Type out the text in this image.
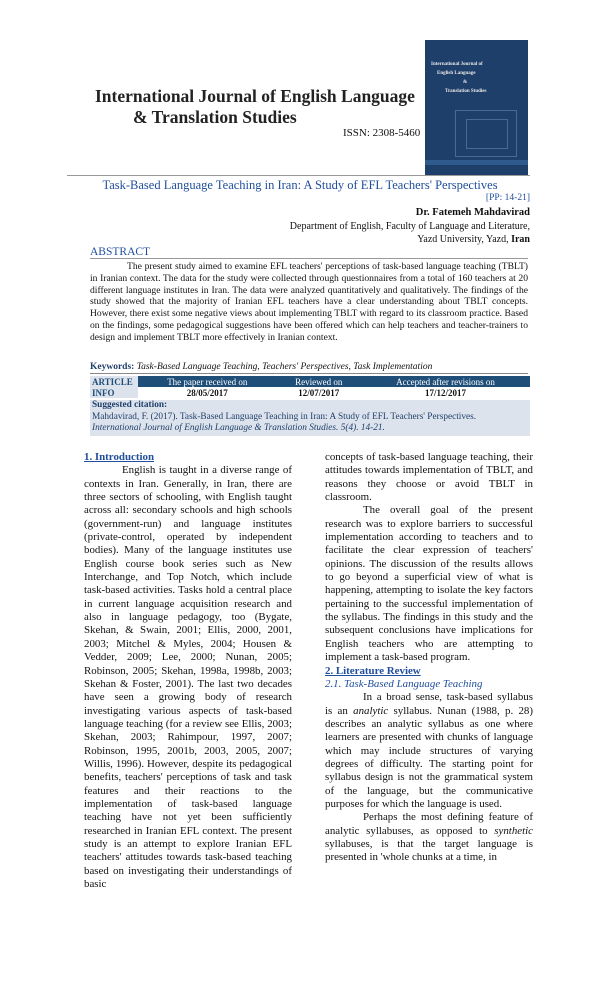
International Journal of English Language
& Translation Studies
ISSN: 2308-5460
International Journal of
English Language
&
Translation Studies
Task-Based Language Teaching in Iran: A Study of EFL Teachers' Perspectives
[PP: 14-21]
Dr. Fatemeh Mahdavirad
Department of English, Faculty of Language and Literature,
Yazd University, Yazd, Iran
ABSTRACT
The present study aimed to examine EFL teachers' perceptions of task-based language teaching (TBLT) in Iranian context. The data for the study were collected through questionnaires from a total of 160 teachers at 20 different language institutes in Iran. The data were analyzed quantitatively and qualitatively. The findings of the study showed that the majority of Iranian EFL teachers have a clear understanding about TBLT concepts. However, there exist some negative views about implementing TBLT with regard to its classroom practice. Based on the findings, some pedagogical suggestions have been offered which can help teachers and teacher-trainers to design and implement TBLT more effectively in Iranian context.
Keywords: Task-Based Language Teaching, Teachers' Perspectives, Task Implementation
ARTICLE	The paper received on	Reviewed on	Accepted after revisions on
INFO	28/05/2017	12/07/2017	17/12/2017
Suggested citation:
Mahdavirad, F. (2017). Task-Based Language Teaching in Iran: A Study of EFL Teachers' Perspectives.
International Journal of English Language & Translation Studies. 5(4). 14-21.

1. Introduction

English is taught in a diverse range of contexts in Iran. Generally, in Iran, there are three sectors of schooling, with English taught across all: secondary schools and high schools (government-run) and language institutes (private-control, operated by independent bodies). Many of the language institutes use English course book series such as New Interchange, and Top Notch, which include task-based activities. Tasks hold a central place in current language acquisition research and also in language pedagogy, too (Bygate, Skehan, & Swain, 2001; Ellis, 2000, 2001, 2003; Mitchel & Myles, 2004; Housen & Vedder, 2009; Lee, 2000; Nunan, 2005; Robinson, 2005; Skehan, 1998a, 1998b, 2003; Skehan & Foster, 2001). The last two decades have seen a growing body of research investigating various aspects of task-based language teaching (for a review see Ellis, 2003; Skehan, 2003; Rahimpour, 1997, 2007; Robinson, 1995, 2001b, 2003, 2005, 2007; Willis, 1996). However, despite its pedagogical benefits, teachers' perceptions of task and task features and their reactions to the implementation of task-based language teaching have not yet been sufficiently researched in Iranian EFL context. The present study is an attempt to explore Iranian EFL teachers' attitudes towards task-based teaching based on investigating their understandings of basic

concepts of task-based language teaching, their attitudes towards implementation of TBLT, and reasons they choose or avoid TBLT in classroom.

The overall goal of the present research was to explore barriers to successful implementation according to teachers and to facilitate the clear expression of teachers' opinions. The discussion of the results allows to go beyond a superficial view of what is happening, attempting to isolate the key factors pertaining to the successful implementation of the syllabus. The findings in this study and the subsequent conclusions have implications for English teachers who are attempting to implement a task-based program.

2. Literature Review

2.1. Task-Based Language Teaching

In a broad sense, task-based syllabus is an analytic syllabus. Nunan (1988, p. 28) describes an analytic syllabus as one where learners are presented with chunks of language which may include structures of varying degrees of difficulty. The starting point for syllabus design is not the grammatical system of the language, but the communicative purposes for which the language is used.

Perhaps the most defining feature of analytic syllabuses, as opposed to synthetic syllabuses, is that the target language is presented in 'whole chunks at a time, in
